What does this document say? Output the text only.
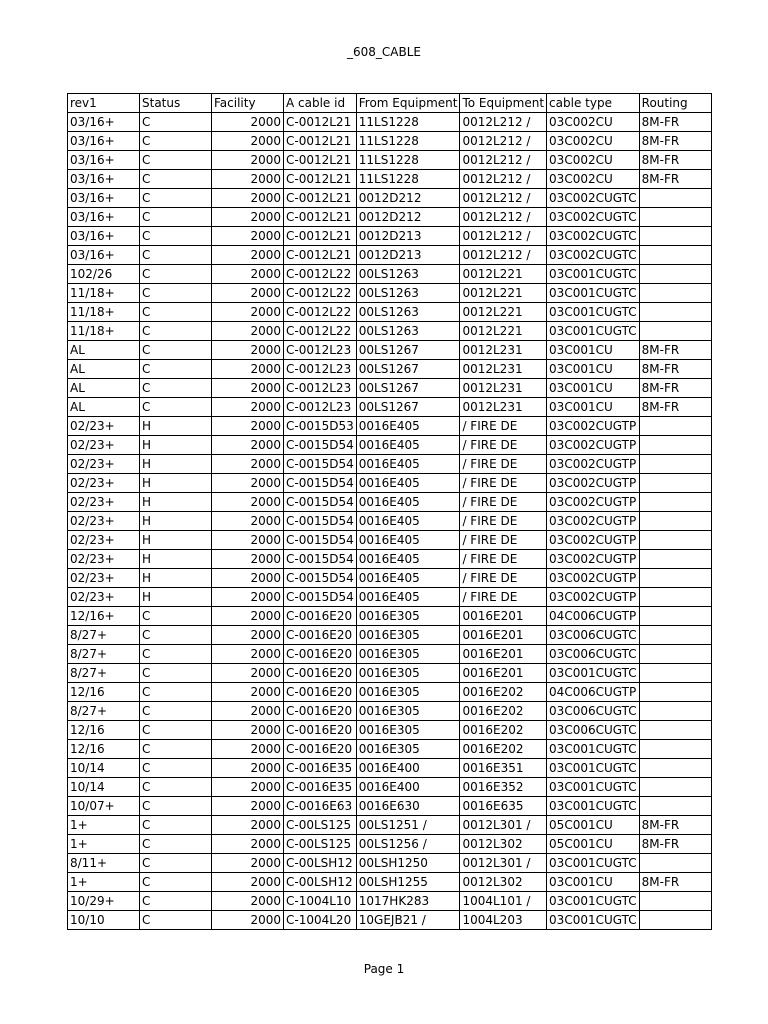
_608_CABLE
rev1	Status	Facility	A cable id	From Equipment	To Equipment	cable type	Routing
03/16+	C	2000	C-0012L21	11LS1228	0012L212 /	03C002CU	8M-FR
03/16+	C	2000	C-0012L21	11LS1228	0012L212 /	03C002CU	8M-FR
03/16+	C	2000	C-0012L21	11LS1228	0012L212 /	03C002CU	8M-FR
03/16+	C	2000	C-0012L21	11LS1228	0012L212 /	03C002CU	8M-FR
03/16+	C	2000	C-0012L21	0012D212	0012L212 /	03C002CUGTC	
03/16+	C	2000	C-0012L21	0012D212	0012L212 /	03C002CUGTC	
03/16+	C	2000	C-0012L21	0012D213	0012L212 /	03C002CUGTC	
03/16+	C	2000	C-0012L21	0012D213	0012L212 /	03C002CUGTC	
102/26	C	2000	C-0012L22	00LS1263	0012L221	03C001CUGTC	
11/18+	C	2000	C-0012L22	00LS1263	0012L221	03C001CUGTC	
11/18+	C	2000	C-0012L22	00LS1263	0012L221	03C001CUGTC	
11/18+	C	2000	C-0012L22	00LS1263	0012L221	03C001CUGTC	
AL	C	2000	C-0012L23	00LS1267	0012L231	03C001CU	8M-FR
AL	C	2000	C-0012L23	00LS1267	0012L231	03C001CU	8M-FR
AL	C	2000	C-0012L23	00LS1267	0012L231	03C001CU	8M-FR
AL	C	2000	C-0012L23	00LS1267	0012L231	03C001CU	8M-FR
02/23+	H	2000	C-0015D53	0016E405	/ FIRE DE	03C002CUGTP	
02/23+	H	2000	C-0015D54	0016E405	/ FIRE DE	03C002CUGTP	
02/23+	H	2000	C-0015D54	0016E405	/ FIRE DE	03C002CUGTP	
02/23+	H	2000	C-0015D54	0016E405	/ FIRE DE	03C002CUGTP	
02/23+	H	2000	C-0015D54	0016E405	/ FIRE DE	03C002CUGTP	
02/23+	H	2000	C-0015D54	0016E405	/ FIRE DE	03C002CUGTP	
02/23+	H	2000	C-0015D54	0016E405	/ FIRE DE	03C002CUGTP	
02/23+	H	2000	C-0015D54	0016E405	/ FIRE DE	03C002CUGTP	
02/23+	H	2000	C-0015D54	0016E405	/ FIRE DE	03C002CUGTP	
02/23+	H	2000	C-0015D54	0016E405	/ FIRE DE	03C002CUGTP	
12/16+	C	2000	C-0016E20	0016E305	0016E201	04C006CUGTP	
8/27+	C	2000	C-0016E20	0016E305	0016E201	03C006CUGTC	
8/27+	C	2000	C-0016E20	0016E305	0016E201	03C006CUGTC	
8/27+	C	2000	C-0016E20	0016E305	0016E201	03C001CUGTC	
12/16	C	2000	C-0016E20	0016E305	0016E202	04C006CUGTP	
8/27+	C	2000	C-0016E20	0016E305	0016E202	03C006CUGTC	
12/16	C	2000	C-0016E20	0016E305	0016E202	03C006CUGTC	
12/16	C	2000	C-0016E20	0016E305	0016E202	03C001CUGTC	
10/14	C	2000	C-0016E35	0016E400	0016E351	03C001CUGTC	
10/14	C	2000	C-0016E35	0016E400	0016E352	03C001CUGTC	
10/07+	C	2000	C-0016E63	0016E630	0016E635	03C001CUGTC	
1+	C	2000	C-00LS125	00LS1251 /	0012L301 /	05C001CU	8M-FR
1+	C	2000	C-00LS125	00LS1256 /	0012L302	05C001CU	8M-FR
8/11+	C	2000	C-00LSH12	00LSH1250	0012L301 /	03C001CUGTC	
1+	C	2000	C-00LSH12	00LSH1255	0012L302	03C001CU	8M-FR
10/29+	C	2000	C-1004L10	1017HK283	1004L101 /	03C001CUGTC	
10/10	C	2000	C-1004L20	10GEJB21 /	1004L203	03C001CUGTC	
Page 1
